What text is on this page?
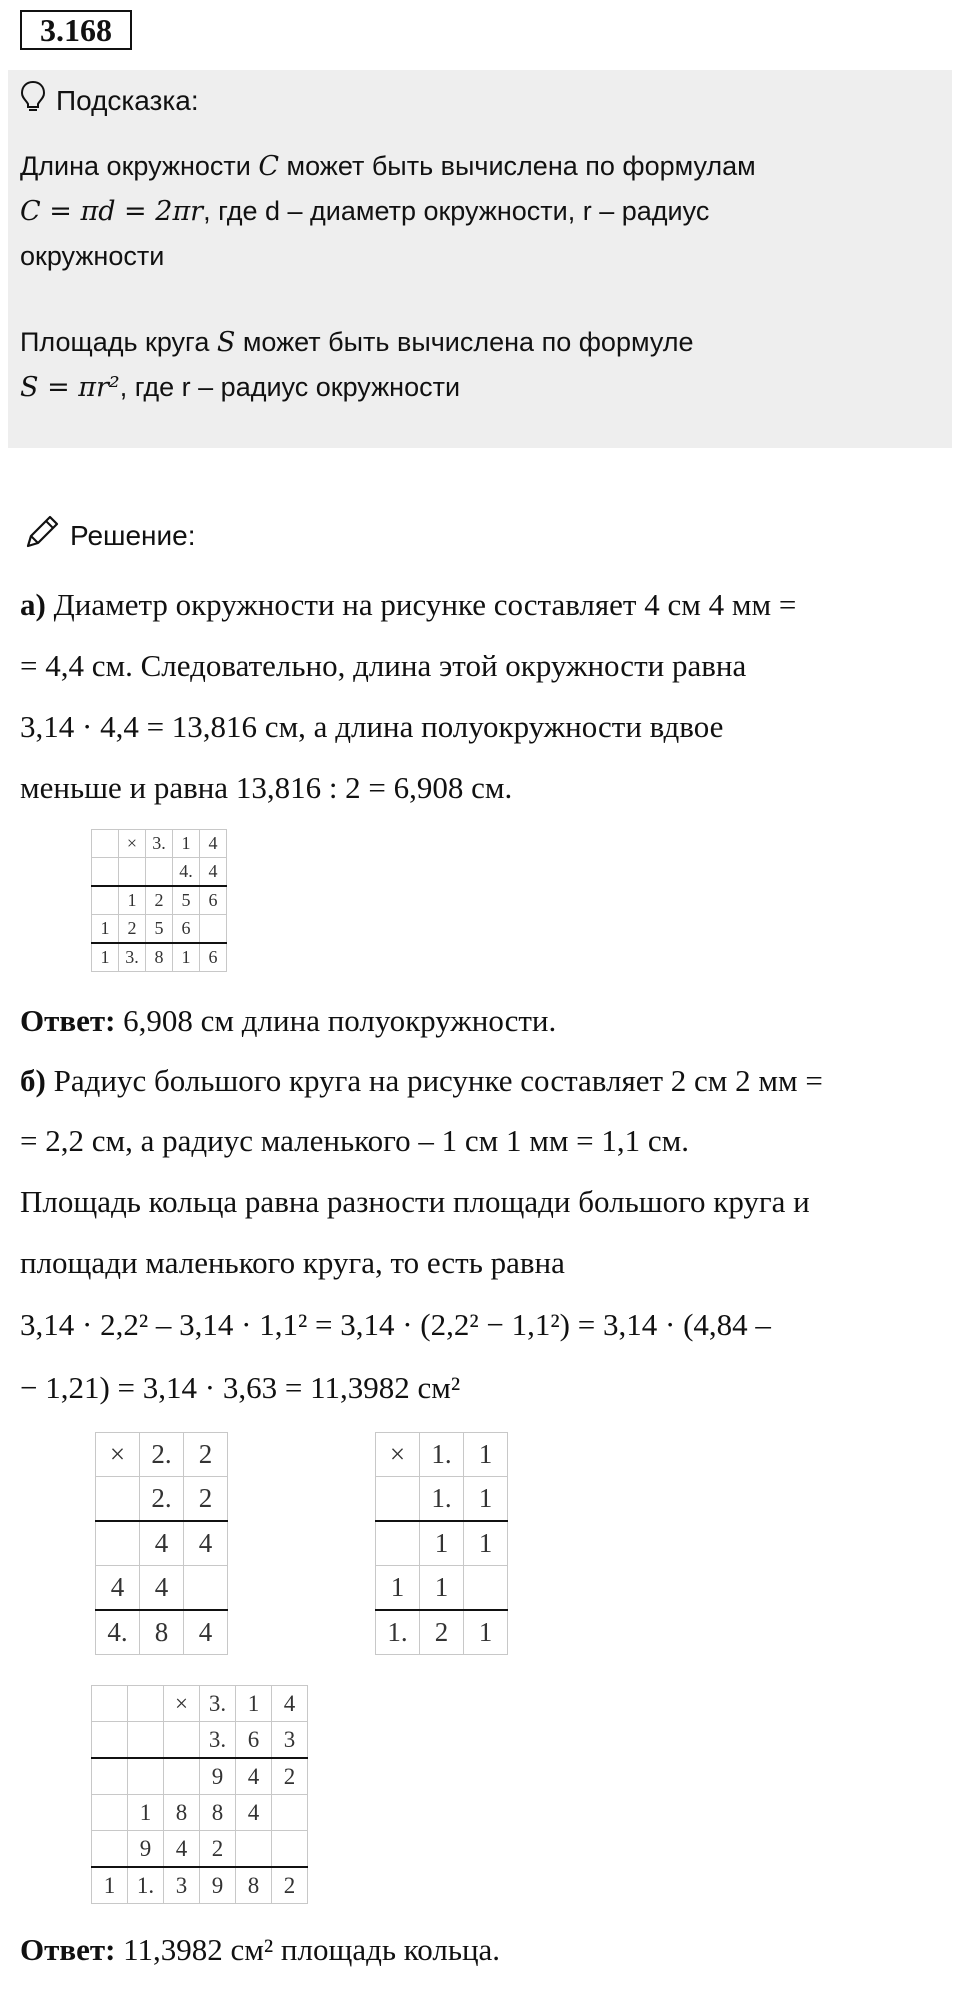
3.168
Подсказка:
Длина окружности C может быть вычислена по формулам
C = πd = 2πr, где d – диаметр окружности, r – радиус
окружности
Площадь круга S может быть вычислена по формуле
S = πr², где r – радиус окружности
Решение:
а) Диаметр окружности на рисунке составляет 4 см 4 мм =
= 4,4 см. Следовательно, длина этой окружности равна
3,14 · 4,4 = 13,816 см, а длина полуокружности вдвое
меньше и равна 13,816 : 2 = 6,908 см.
	×	3.	1	4
			4.	4
	1	2	5	6
1	2	5	6	
1	3.	8	1	6
Ответ: 6,908 см длина полуокружности.
б) Радиус большого круга на рисунке составляет 2 см 2 мм =
= 2,2 см, а радиус маленького – 1 см 1 мм = 1,1 см.
Площадь кольца равна разности площади большого круга и
площади маленького круга, то есть равна
3,14 · 2,2² – 3,14 · 1,1² = 3,14 · (2,2² − 1,1²) = 3,14 · (4,84 –
− 1,21) = 3,14 · 3,63 = 11,3982 см²
×	2.	2
	2.	2
	4	4
4	4	
4.	8	4
×	1.	1
	1.	1
	1	1
1	1	
1.	2	1
		×	3.	1	4
			3.	6	3
			9	4	2
	1	8	8	4	
	9	4	2		
1	1.	3	9	8	2
Ответ: 11,3982 см² площадь кольца.
